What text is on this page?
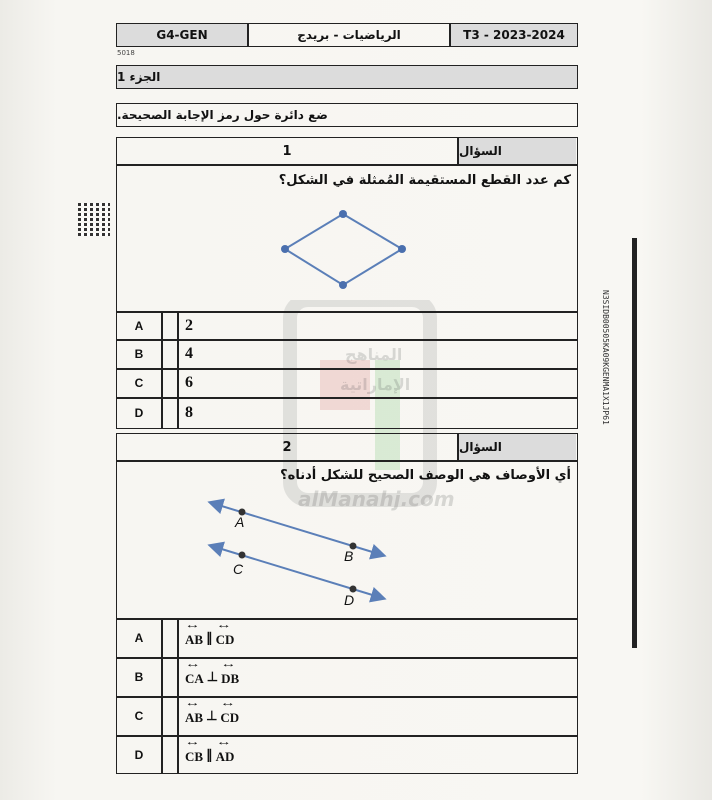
المناهج
الإماراتية
alManahj.com
G4-GEN	الرياضيات - بريدج	T3 - 2023-2024
5018
الجزء 1
ضع دائرة حول رمز الإجابة الصحيحة.
N3SIDB00505KA09KGENMA1X1JP61
1	السؤال
كم عدد القطع المستقيمة المُمثلة في الشكل؟
A	2
B	4
C	6
D	8
2	السؤال
أي الأوصاف هي الوصف الصحيح للشكل أدناه؟
A
B
C
D
A	↔ AB ∥ ↔ CD
B	↔ CA ⊥ ↔ DB
C	↔ AB ⊥ ↔ CD
D	↔ CB ∥ ↔ AD
